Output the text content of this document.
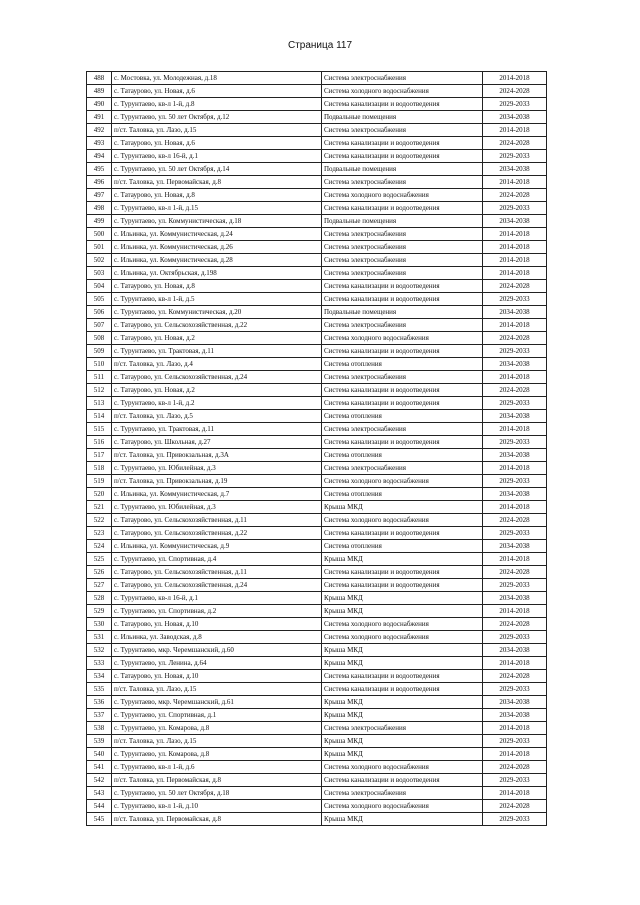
Страница 117
488	с. Мостовка, ул. Молодежная, д.18	Система электроснабжения	2014-2018
489	с. Татаурово, ул. Новая, д.6	Система холодного водоснабжения	2024-2028
490	с. Турунтаево, кв-л 1-й, д.8	Система канализации и водоотведения	2029-2033
491	с. Турунтаево, ул. 50 лет Октября, д.12	Подвальные помещения	2034-2038
492	п/ст. Таловка, ул. Лазо, д.15	Система электроснабжения	2014-2018
493	с. Татаурово, ул. Новая, д.6	Система канализации и водоотведения	2024-2028
494	с. Турунтаево, кв-л 16-й, д.1	Система канализации и водоотведения	2029-2033
495	с. Турунтаево, ул. 50 лет Октября, д.14	Подвальные помещения	2034-2038
496	п/ст. Таловка, ул. Первомайская, д.8	Система электроснабжения	2014-2018
497	с. Татаурово, ул. Новая, д.8	Система холодного водоснабжения	2024-2028
498	с. Турунтаево, кв-л 1-й, д.15	Система канализации и водоотведения	2029-2033
499	с. Турунтаево, ул. Коммунистическая, д.18	Подвальные помещения	2034-2038
500	с. Ильинка, ул. Коммунистическая, д.24	Система электроснабжения	2014-2018
501	с. Ильинка, ул. Коммунистическая, д.26	Система электроснабжения	2014-2018
502	с. Ильинка, ул. Коммунистическая, д.28	Система электроснабжения	2014-2018
503	с. Ильинка, ул. Октябрьская, д.198	Система электроснабжения	2014-2018
504	с. Татаурово, ул. Новая, д.8	Система канализации и водоотведения	2024-2028
505	с. Турунтаево, кв-л 1-й, д.5	Система канализации и водоотведения	2029-2033
506	с. Турунтаево, ул. Коммунистическая, д.20	Подвальные помещения	2034-2038
507	с. Татаурово, ул. Сельскохозяйственная, д.22	Система электроснабжения	2014-2018
508	с. Татаурово, ул. Новая, д.2	Система холодного водоснабжения	2024-2028
509	с. Турунтаево, ул. Трактовая, д.11	Система канализации и водоотведения	2029-2033
510	п/ст. Таловка, ул. Лазо, д.4	Система отопления	2034-2038
511	с. Татаурово, ул. Сельскохозяйственная, д.24	Система электроснабжения	2014-2018
512	с. Татаурово, ул. Новая, д.2	Система канализации и водоотведения	2024-2028
513	с. Турунтаево, кв-л 1-й, д.2	Система канализации и водоотведения	2029-2033
514	п/ст. Таловка, ул. Лазо, д.5	Система отопления	2034-2038
515	с. Турунтаево, ул. Трактовая, д.11	Система электроснабжения	2014-2018
516	с. Татаурово, ул. Школьная, д.27	Система канализации и водоотведения	2029-2033
517	п/ст. Таловка, ул. Привокзальная, д.3А	Система отопления	2034-2038
518	с. Турунтаево, ул. Юбилейная, д.3	Система электроснабжения	2014-2018
519	п/ст. Таловка, ул. Привокзальная, д.19	Система холодного водоснабжения	2029-2033
520	с. Ильинка, ул. Коммунистическая, д.7	Система отопления	2034-2038
521	с. Турунтаево, ул. Юбилейная, д.3	Крыша МКД	2014-2018
522	с. Татаурово, ул. Сельскохозяйственная, д.11	Система холодного водоснабжения	2024-2028
523	с. Татаурово, ул. Сельскохозяйственная, д.22	Система канализации и водоотведения	2029-2033
524	с. Ильинка, ул. Коммунистическая, д.9	Система отопления	2034-2038
525	с. Турунтаево, ул. Спортивная, д.4	Крыша МКД	2014-2018
526	с. Татаурово, ул. Сельскохозяйственная, д.11	Система канализации и водоотведения	2024-2028
527	с. Татаурово, ул. Сельскохозяйственная, д.24	Система канализации и водоотведения	2029-2033
528	с. Турунтаево, кв-л 16-й, д.1	Крыша МКД	2034-2038
529	с. Турунтаево, ул. Спортивная, д.2	Крыша МКД	2014-2018
530	с. Татаурово, ул. Новая, д.10	Система холодного водоснабжения	2024-2028
531	с. Ильинка, ул. Заводская, д.8	Система холодного водоснабжения	2029-2033
532	с. Турунтаево, мкр. Черемшанский, д.60	Крыша МКД	2034-2038
533	с. Турунтаево, ул. Ленина, д.64	Крыша МКД	2014-2018
534	с. Татаурово, ул. Новая, д.10	Система канализации и водоотведения	2024-2028
535	п/ст. Таловка, ул. Лазо, д.15	Система канализации и водоотведения	2029-2033
536	с. Турунтаево, мкр. Черемшанский, д.61	Крыша МКД	2034-2038
537	с. Турунтаево, ул. Спортивная, д.1	Крыша МКД	2034-2038
538	с. Турунтаево, ул. Комарова, д.8	Система электроснабжения	2014-2018
539	п/ст. Таловка, ул. Лазо, д.15	Крыша МКД	2029-2033
540	с. Турунтаево, ул. Комарова, д.8	Крыша МКД	2014-2018
541	с. Турунтаево, кв-л 1-й, д.6	Система холодного водоснабжения	2024-2028
542	п/ст. Таловка, ул. Первомайская, д.8	Система канализации и водоотведения	2029-2033
543	с. Турунтаево, ул. 50 лет Октября, д.18	Система электроснабжения	2014-2018
544	с. Турунтаево, кв-л 1-й, д.10	Система холодного водоснабжения	2024-2028
545	п/ст. Таловка, ул. Первомайская, д.8	Крыша МКД	2029-2033
